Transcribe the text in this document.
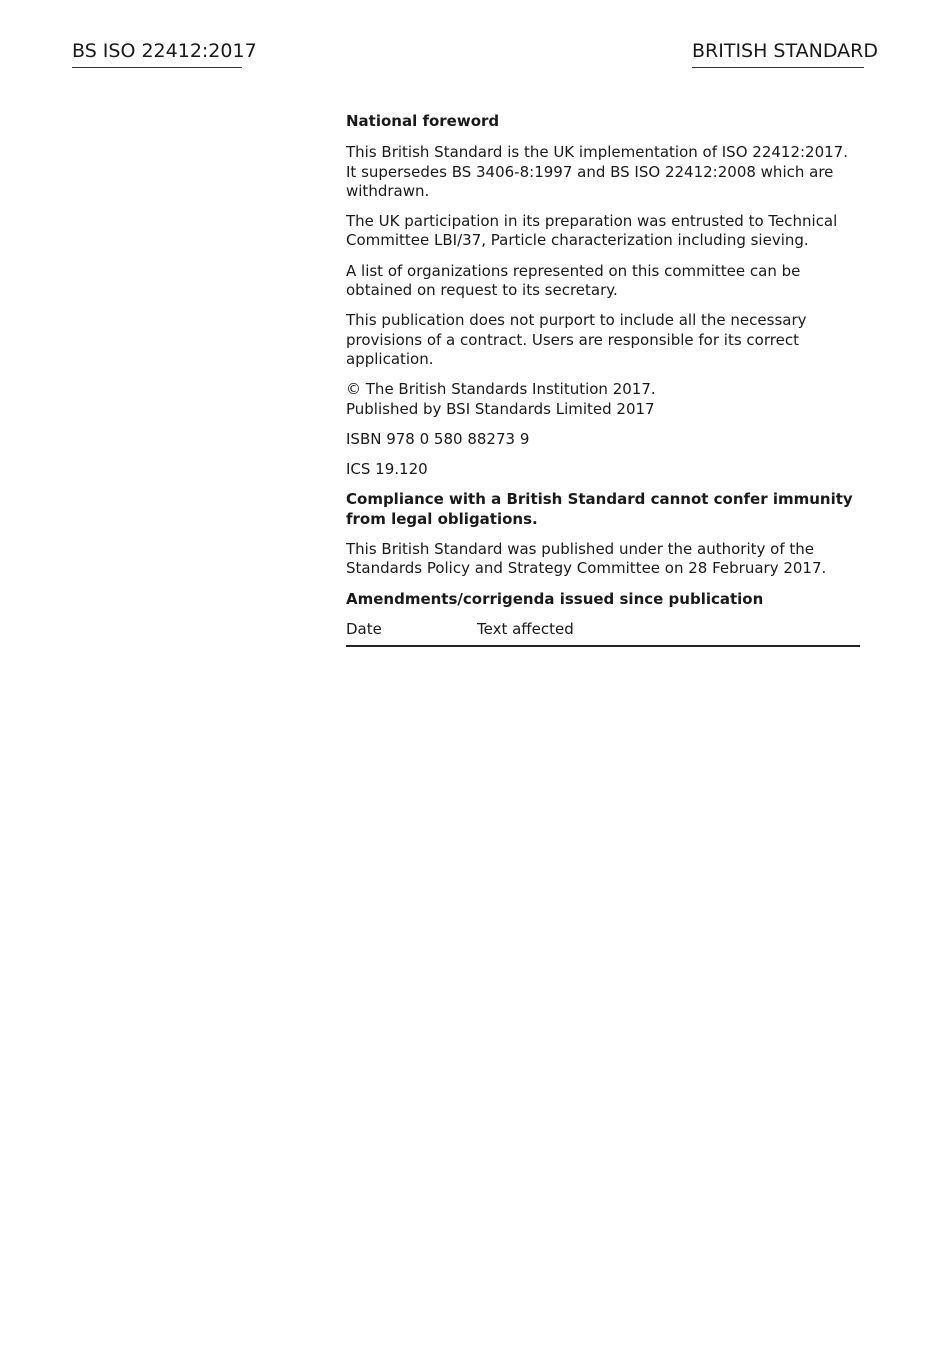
BS ISO 22412:2017	BRITISH STANDARD

National foreword

This British Standard is the UK implementation of ISO 22412:2017. It supersedes BS 3406-8:1997 and BS ISO 22412:2008 which are withdrawn.

The UK participation in its preparation was entrusted to Technical Committee LBI/37, Particle characterization including sieving.

A list of organizations represented on this committee can be obtained on request to its secretary.

This publication does not purport to include all the necessary provisions of a contract. Users are responsible for its correct application.

© The British Standards Institution 2017.
Published by BSI Standards Limited 2017

ISBN 978 0 580 88273 9

ICS 19.120

Compliance with a British Standard cannot confer immunity from legal obligations.

This British Standard was published under the authority of the Standards Policy and Strategy Committee on 28 February 2017.

Amendments/corrigenda issued since publication

Date	Text affected
